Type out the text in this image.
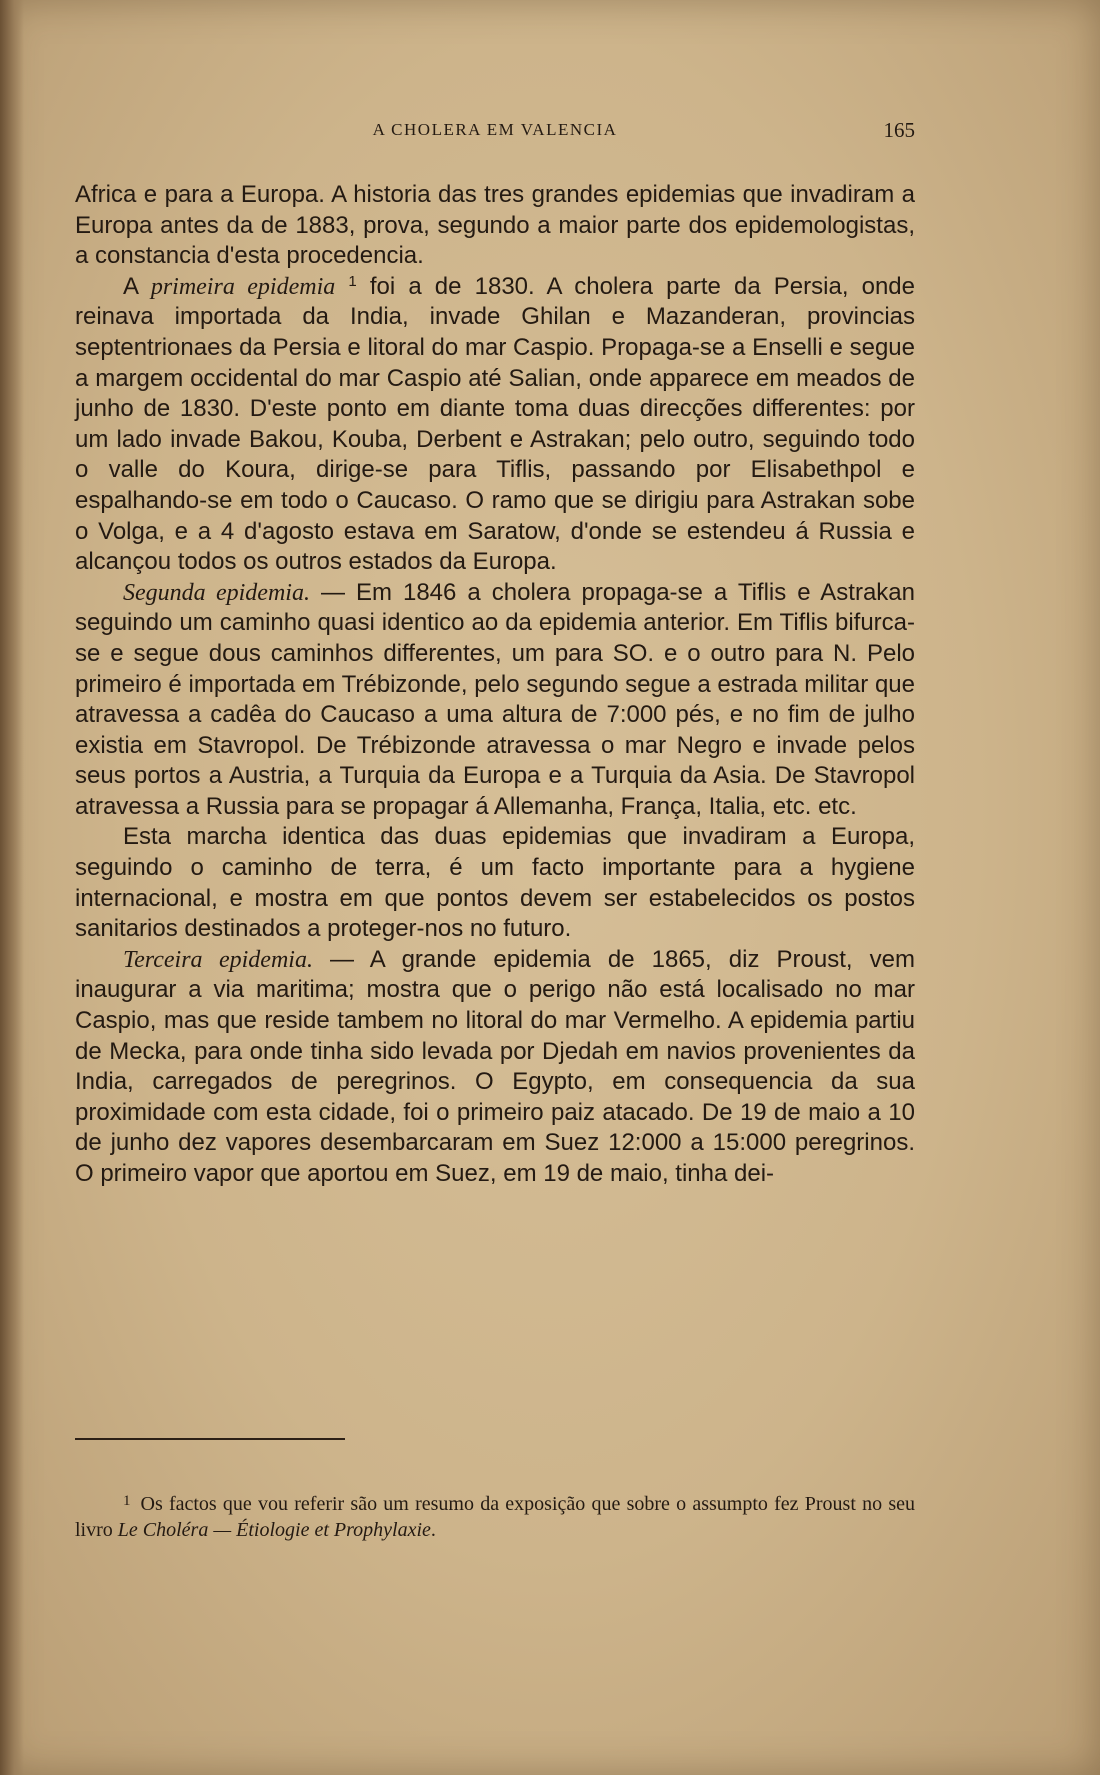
A CHOLERA EM VALENCIA	165

Africa e para a Europa. A historia das tres grandes epidemias que invadiram a Europa antes da de 1883, prova, segundo a maior parte dos epidemologistas, a constancia d'esta procedencia.

A primeira epidemia $^1$ foi a de 1830. A cholera parte da Persia, onde reinava importada da India, invade Ghilan e Mazanderan, provincias septentrionaes da Persia e litoral do mar Caspio. Propaga-se a Enselli e segue a margem occidental do mar Caspio até Salian, onde apparece em meados de junho de 1830. D'este ponto em diante toma duas direcções differentes: por um lado invade Bakou, Kouba, Derbent e Astrakan; pelo outro, seguindo todo o valle do Koura, dirige-se para Tiflis, passando por Elisabethpol e espalhando-se em todo o Caucaso. O ramo que se dirigiu para Astrakan sobe o Volga, e a 4 d'agosto estava em Saratow, d'onde se estendeu á Russia e alcançou todos os outros estados da Europa.

Segunda epidemia. — Em 1846 a cholera propaga-se a Tiflis e Astrakan seguindo um caminho quasi identico ao da epidemia anterior. Em Tiflis bifurca-se e segue dous caminhos differentes, um para SO. e o outro para N. Pelo primeiro é importada em Trébizonde, pelo segundo segue a estrada militar que atravessa a cadêa do Caucaso a uma altura de 7:000 pés, e no fim de julho existia em Stavropol. De Trébizonde atravessa o mar Negro e invade pelos seus portos a Austria, a Turquia da Europa e a Turquia da Asia. De Stavropol atravessa a Russia para se propagar á Allemanha, França, Italia, etc. etc.

Esta marcha identica das duas epidemias que invadiram a Europa, seguindo o caminho de terra, é um facto importante para a hygiene internacional, e mostra em que pontos devem ser estabelecidos os postos sanitarios destinados a proteger-nos no futuro.

Terceira epidemia. — A grande epidemia de 1865, diz Proust, vem inaugurar a via maritima; mostra que o perigo não está localisado no mar Caspio, mas que reside tambem no litoral do mar Vermelho. A epidemia partiu de Mecka, para onde tinha sido levada por Djedah em navios provenientes da India, carregados de peregrinos. O Egypto, em consequencia da sua proximidade com esta cidade, foi o primeiro paiz atacado. De 19 de maio a 10 de junho dez vapores desembarcaram em Suez 12:000 a 15:000 peregrinos. O primeiro vapor que aportou em Suez, em 19 de maio, tinha dei-

$^1$ Os factos que vou referir são um resumo da exposição que sobre o assumpto fez Proust no seu livro Le Choléra — Étiologie et Prophylaxie.
